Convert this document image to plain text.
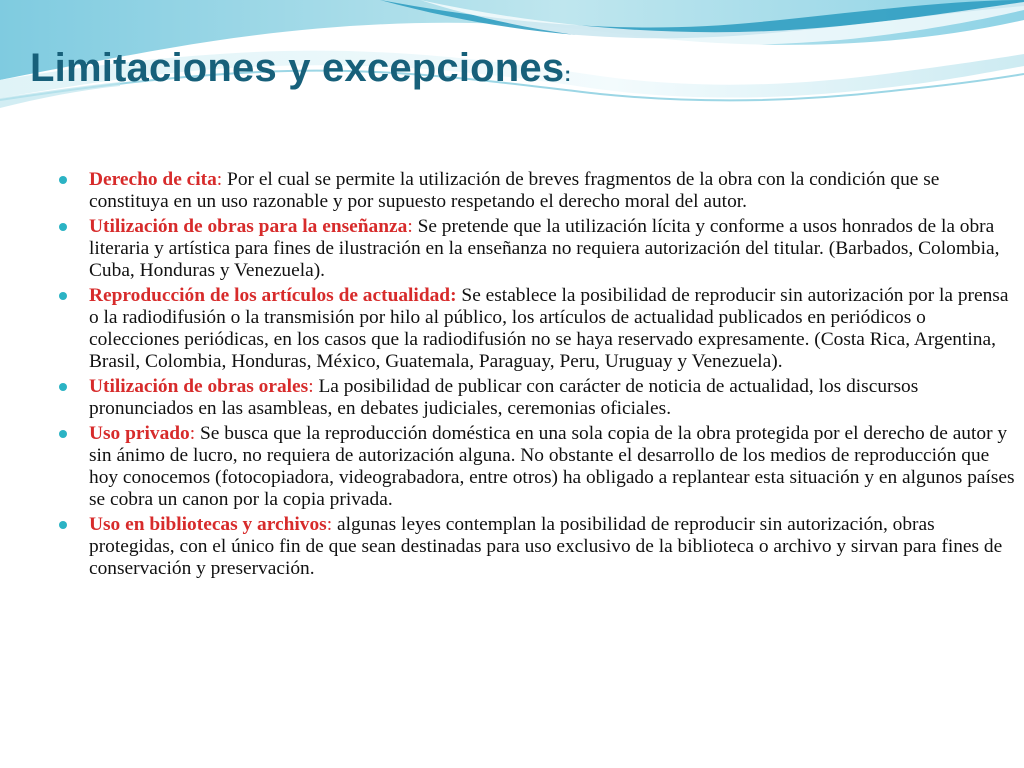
Limitaciones y excepciones:
Derecho de cita: Por el cual se permite la utilización de breves fragmentos de la obra con la condición que se constituya en un uso razonable y por supuesto respetando el derecho moral del autor.
Utilización de obras para la enseñanza: Se pretende que la utilización lícita y conforme a usos honrados de la obra literaria y artística para fines de ilustración en la enseñanza no requiera autorización del titular. (Barbados, Colombia, Cuba, Honduras y Venezuela).
Reproducción de los artículos de actualidad: Se establece la posibilidad de reproducir sin autorización por la prensa o la radiodifusión o la transmisión por hilo al público, los artículos de actualidad publicados en periódicos o colecciones periódicas, en los casos que la radiodifusión no se haya reservado expresamente. (Costa Rica, Argentina, Brasil, Colombia, Honduras, México, Guatemala, Paraguay, Peru, Uruguay y Venezuela).
Utilización de obras orales: La posibilidad de publicar con carácter de noticia de actualidad, los discursos pronunciados en las asambleas, en debates judiciales, ceremonias oficiales.
Uso privado: Se busca que la reproducción doméstica en una sola copia de la obra protegida por el derecho de autor y sin ánimo de lucro, no requiera de autorización alguna. No obstante el desarrollo de los medios de reproducción que hoy conocemos (fotocopiadora, videograbadora, entre otros) ha obligado a replantear esta situación y en algunos países se cobra un canon por la copia privada.
Uso en bibliotecas y archivos: algunas leyes contemplan la posibilidad de reproducir sin autorización, obras protegidas, con el único fin de que sean destinadas para uso exclusivo de la biblioteca o archivo y sirvan para fines de conservación y preservación.
